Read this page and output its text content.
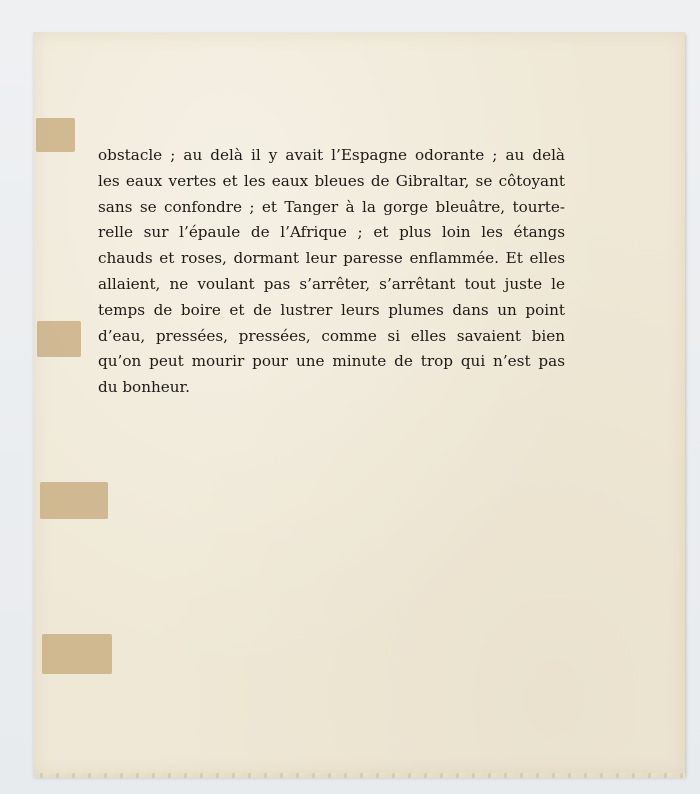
obstacle ; au delà il y avait l’Espagne odorante ; au delà
les eaux vertes et les eaux bleues de Gibraltar, se côtoyant
sans se confondre ; et Tanger à la gorge bleuâtre, tourte-
relle sur l’épaule de l’Afrique ; et plus loin les étangs
chauds et roses, dormant leur paresse enflammée. Et elles
allaient, ne voulant pas s’arrêter, s’arrêtant tout juste le
temps de boire et de lustrer leurs plumes dans un point
d’eau, pressées, pressées, comme si elles savaient bien
qu’on peut mourir pour une minute de trop qui n’est pas
du bonheur.
